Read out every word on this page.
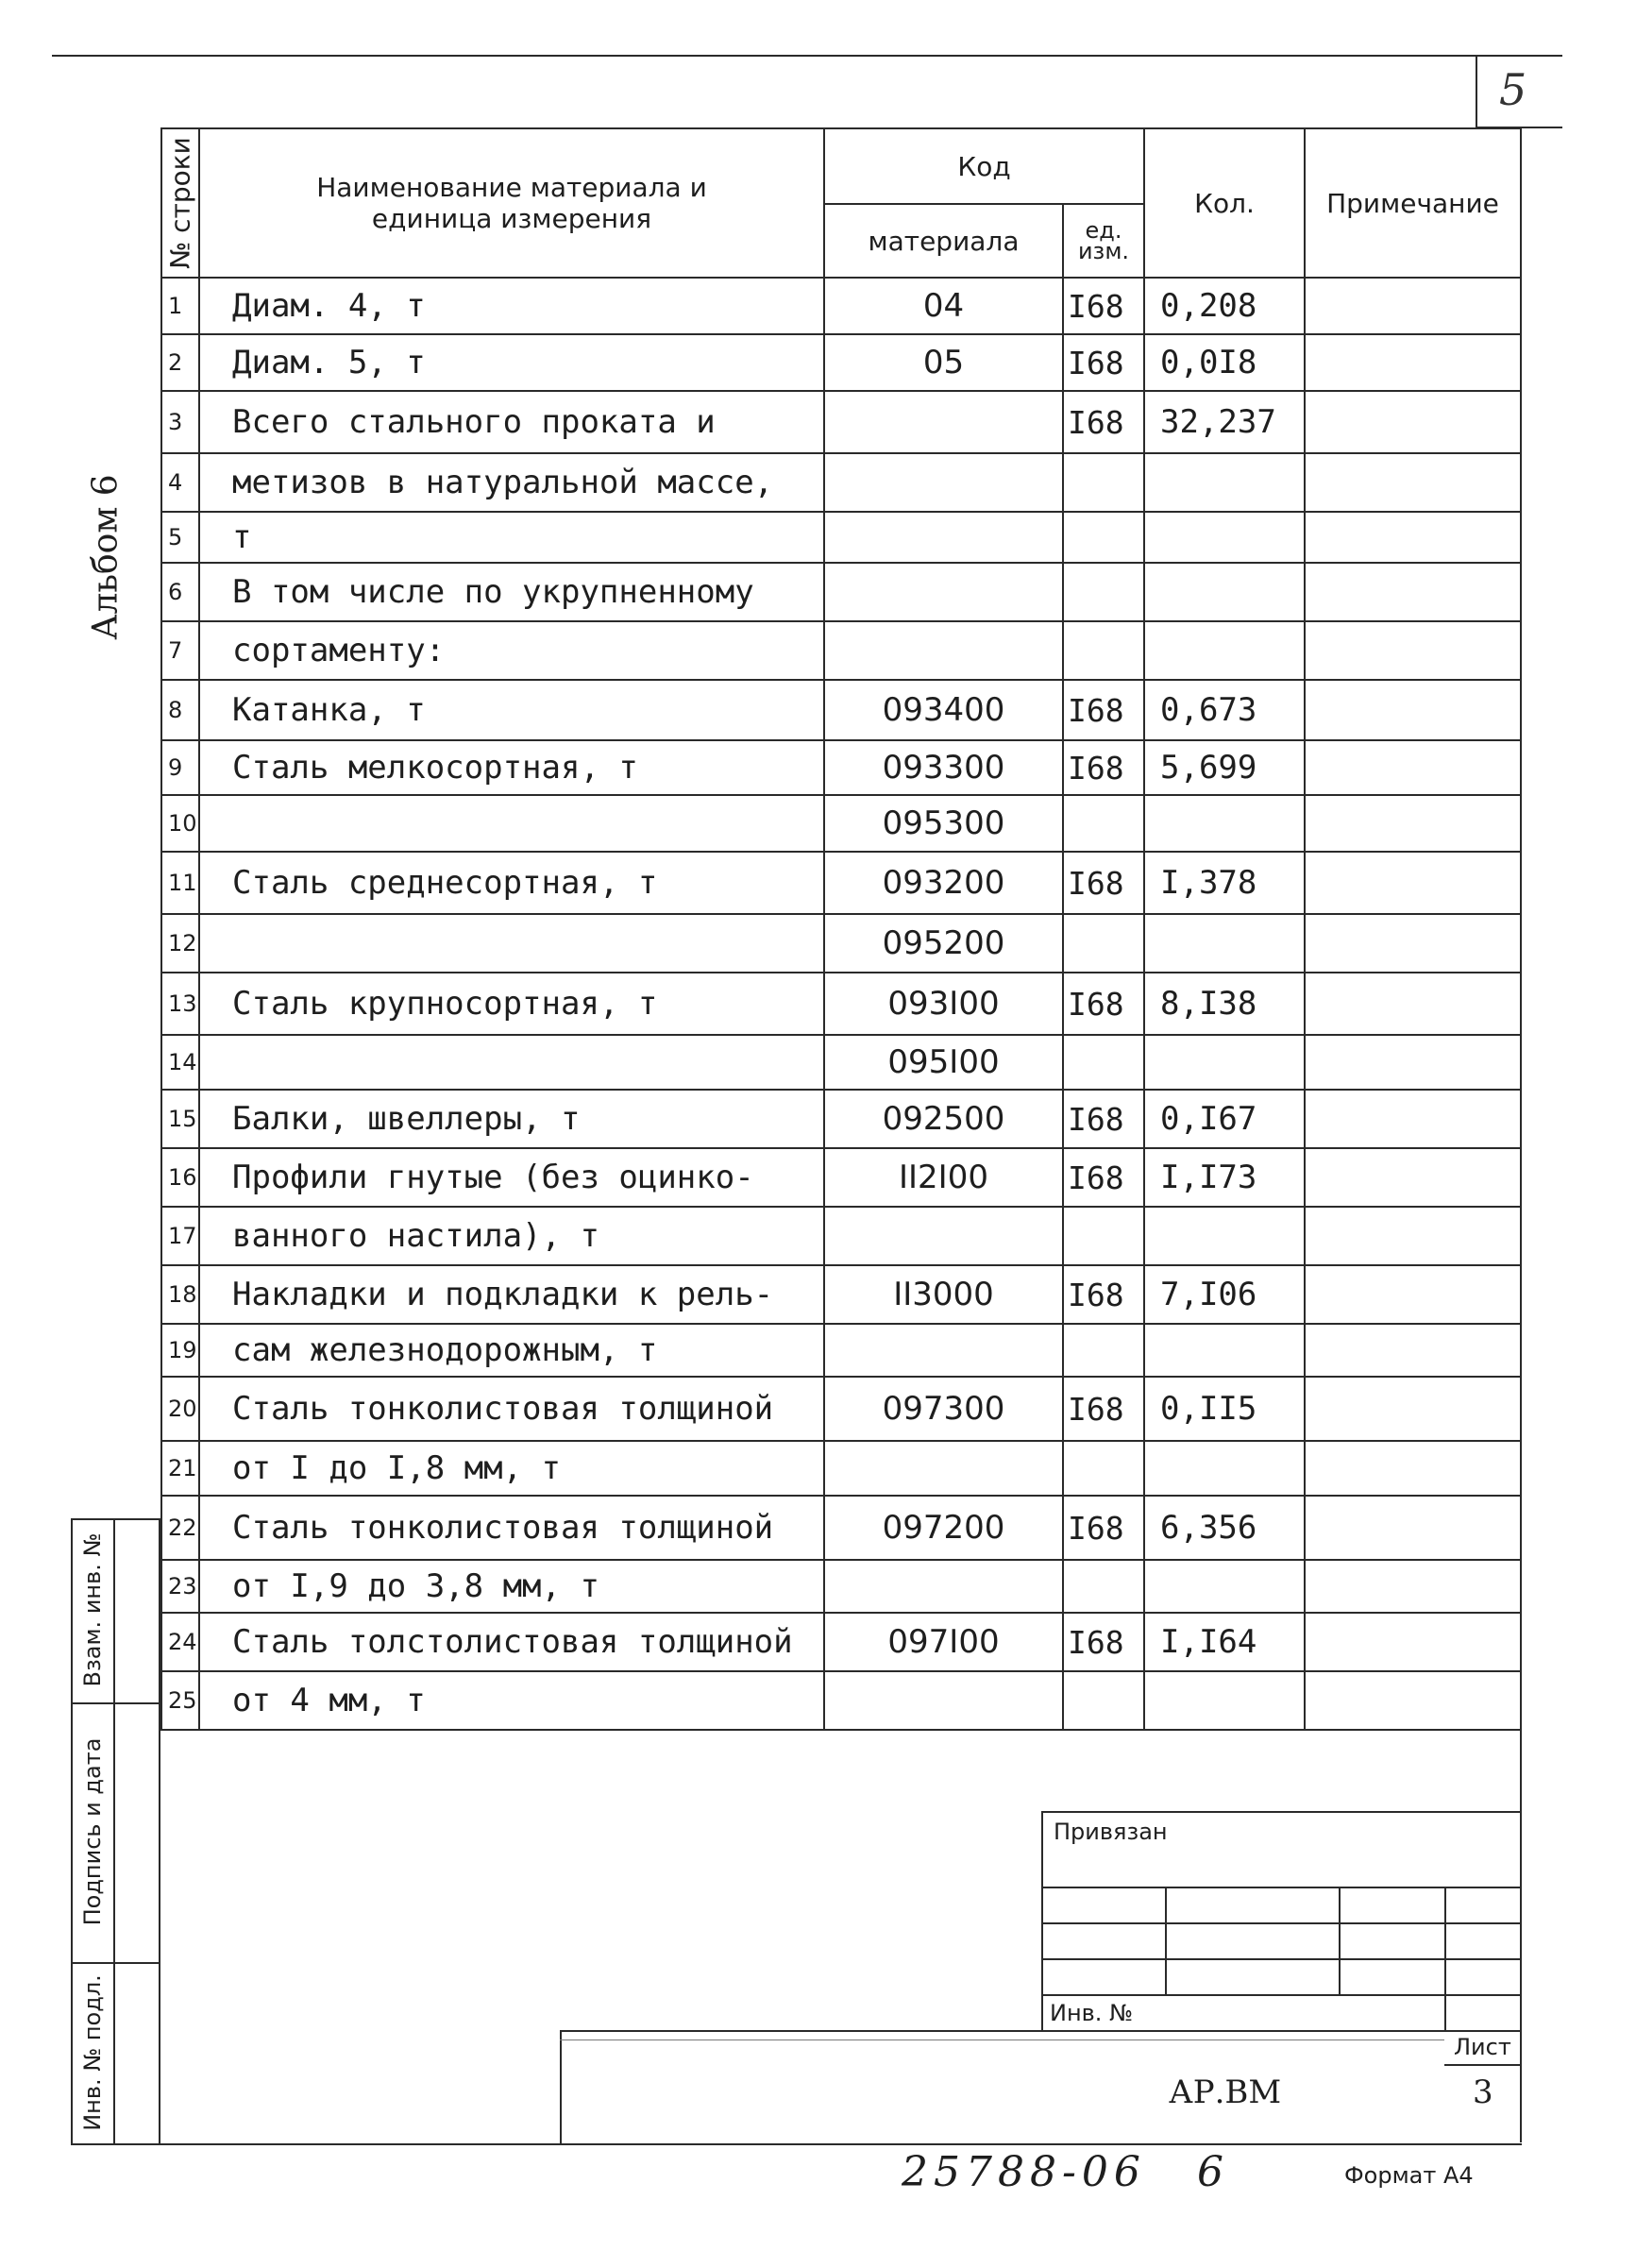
5
Альбом 6
№ строки	Наименование материала и единица измерения	Код		Кол.	Примечание
		материала	ед. изм.		
1	Диам. 4, т	04	I68	0,208	
2	Диам. 5, т	05	I68	0,0I8	
3	Всего стального проката и		I68	32,237	
4	метизов в натуральной массе,				
5	т				
6	В том числе по укрупненному				
7	сортаменту:				
8	Катанка, т	093400	I68	0,673	
9	Сталь мелкосортная, т	093300	I68	5,699	
10		095300			
11	Сталь среднесортная, т	093200	I68	I,378	
12		095200			
13	Сталь крупносортная, т	093I00	I68	8,I38	
14		095I00			
15	Балки, швеллеры, т	092500	I68	0,I67	
16	Профили гнутые (без оцинко-	II2I00	I68	I,I73	
17	ванного настила), т				
18	Накладки и подкладки к рель-	II3000	I68	7,I06	
19	сам железнодорожным, т				
20	Сталь тонколистовая толщиной	097300	I68	0,II5	
21	от I до I,8 мм, т				
22	Сталь тонколистовая толщиной	097200	I68	6,356	
23	от I,9 до 3,8 мм, т				
24	Сталь толстолистовая толщиной	097I00	I68	I,I64	
25	от 4 мм, т				
Взам. инв. №
Подпись и дата
Инв. № подл.
Привязан
Инв. №
Лист
3
АР.ВМ
25788-06 6	Формат А4
